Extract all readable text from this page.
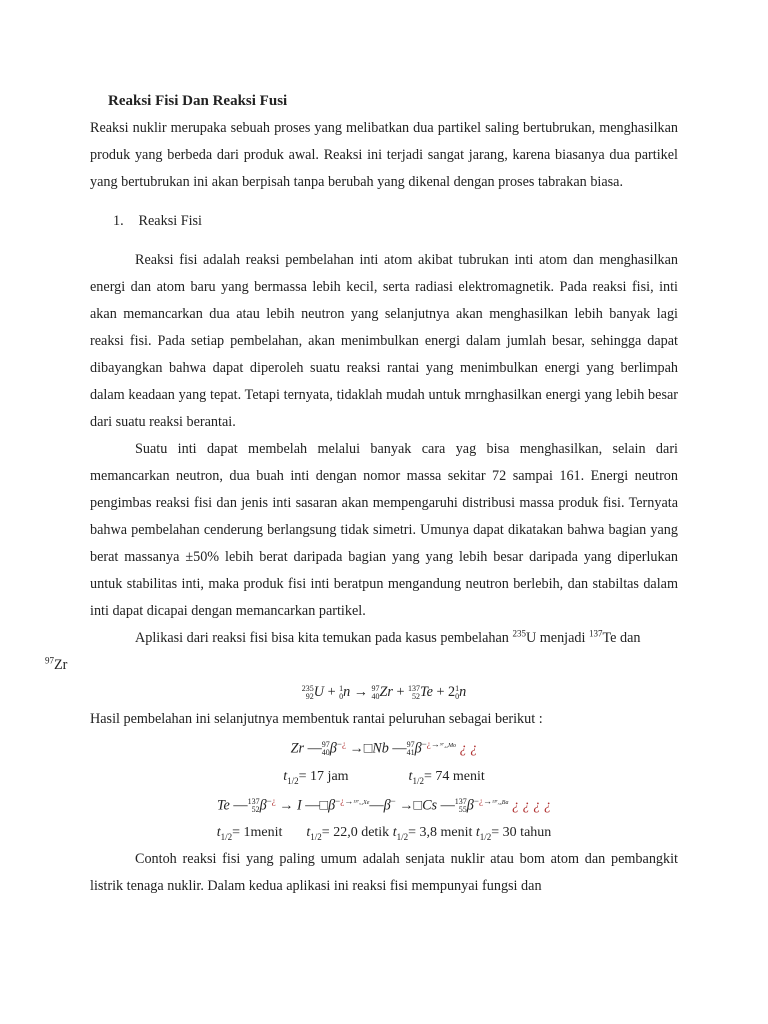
Reaksi Fisi Dan Reaksi Fusi

Reaksi nuklir merupaka sebuah proses yang melibatkan dua partikel saling bertubrukan, menghasilkan produk yang berbeda dari produk awal. Reaksi ini terjadi sangat jarang, karena biasanya dua partikel yang bertubrukan ini akan berpisah tanpa berubah yang dikenal dengan proses tabrakan biasa.

1. Reaksi Fisi

Reaksi fisi adalah reaksi pembelahan inti atom akibat tubrukan inti atom dan menghasilkan energi dan atom baru yang bermassa lebih kecil, serta radiasi elektromagnetik. Pada reaksi fisi, inti akan memancarkan dua atau lebih neutron yang selanjutnya akan menghasilkan lebih banyak lagi reaksi fisi. Pada setiap pembelahan, akan menimbulkan energi dalam jumlah besar, sehingga dapat dibayangkan bahwa dapat diperoleh suatu reaksi rantai yang menimbulkan energi yang berlimpah dalam keadaan yang tepat. Tetapi ternyata, tidaklah mudah untuk mrnghasilkan energi yang lebih besar dari suatu reaksi berantai.

Suatu inti dapat membelah melalui banyak cara yag bisa menghasilkan, selain dari memancarkan neutron, dua buah inti dengan nomor massa sekitar 72 sampai 161. Energi neutron pengimbas reaksi fisi dan jenis inti sasaran akan mempengaruhi distribusi massa produk fisi. Ternyata bahwa pembelahan cenderung berlangsung tidak simetri. Umunya dapat dikatakan bahwa bagian yang berat massanya ±50% lebih berat daripada bagian yang yang lebih besar daripada yang diperlukan untuk stabilitas inti, maka produk fisi inti beratpun mengandung neutron berlebih, dan stabiltas dalam inti dapat dicapai dengan memancarkan partikel.

Aplikasi dari reaksi fisi bisa kita temukan pada kasus pembelahan $^{235}$U menjadi $^{137}$Te dan
$^{97}$Zr

235
92 U + 1
0 n → 97
40 Zr + 137
52 Te + 2 1
0 n

Hasil pembelahan ini selanjutnya membentuk rantai peluruhan sebagai berikut :

Zr — 97
40 β−¿ →□Nb — 97
41 $\beta^{-¿\to^{97}_{42}Mo}$ ¿ ¿
$t_{1/2}= 17$ jam	$t_{1/2}= 74$ menit
Te — 137
52 β−¿ → I $—□\beta^{-¿\to^{137}_{54}Xe}—\beta^-$ →□Cs — 137
55 $\beta^{-¿\to^{137}_{56}Ba}$ ¿ ¿ ¿ ¿
$t_{1/2}=$ 1menit $t_{1/2}= 22,0$ detik $t_{1/2}= 3,8$ menit $t_{1/2}= 30$ tahun

Contoh reaksi fisi yang paling umum adalah senjata nuklir atau bom atom dan pembangkit listrik tenaga nuklir. Dalam kedua aplikasi ini reaksi fisi mempunyai fungsi dan
